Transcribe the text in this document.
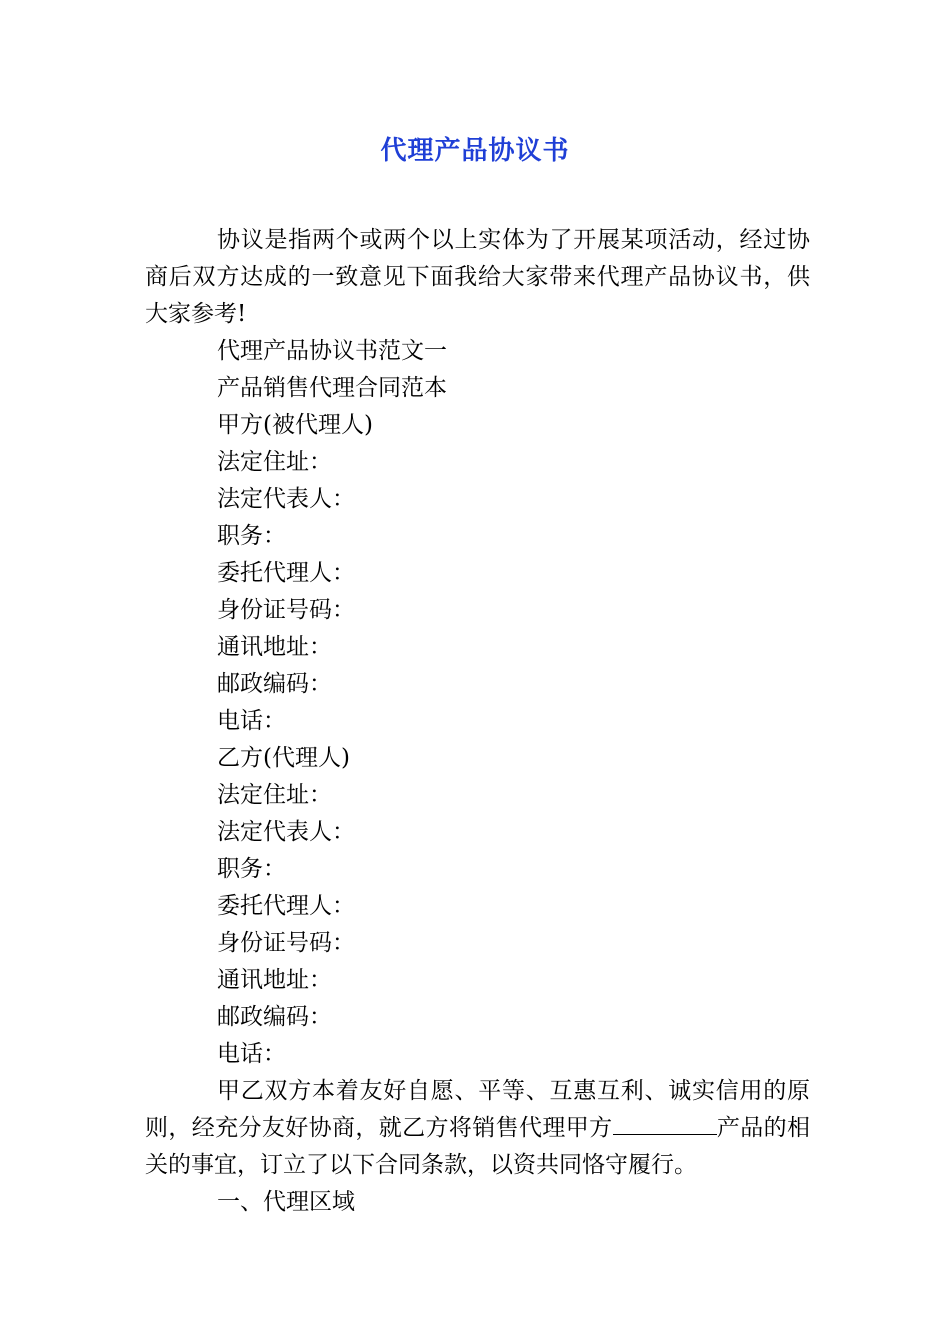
代理产品协议书

协议是指两个或两个以上实体为了开展某项活动，经过协商后双方达成的一致意见下面我给大家带来代理产品协议书，供大家参考!

代理产品协议书范文一
产品销售代理合同范本
甲方(被代理人)
法定住址：
法定代表人：
职务：
委托代理人：
身份证号码：
通讯地址：
邮政编码：
电话：
乙方(代理人)
法定住址：
法定代表人：
职务：
委托代理人：
身份证号码：
通讯地址：
邮政编码：
电话：

甲乙双方本着友好自愿、平等、互惠互利、诚实信用的原则，经充分友好协商，就乙方将销售代理甲方	产品的相关的事宜，订立了以下合同条款，以资共同恪守履行。

一、代理区域
